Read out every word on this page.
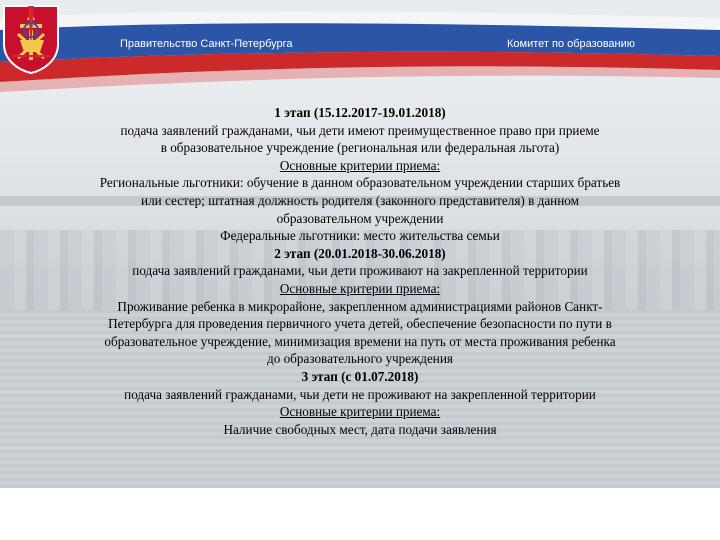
Правительство Санкт-Петербурга	Комитет по образованию

1 этап (15.12.2017-19.01.2018)

подача заявлений гражданами, чьи дети имеют преимущественное право при приеме

в образовательное учреждение (региональная или федеральная льгота)

Основные критерии приема:

Региональные льготники: обучение в данном образовательном учреждении старших братьев

или сестер; штатная должность родителя (законного представителя) в данном

образовательном учреждении

Федеральные льготники: место жительства семьи

2 этап (20.01.2018-30.06.2018)

подача заявлений гражданами, чьи дети проживают на закрепленной территории

Основные критерии приема:

Проживание ребенка в микрорайоне, закрепленном администрациями районов Санкт-

Петербурга для проведения первичного учета детей, обеспечение безопасности по пути в

образовательное учреждение, минимизация времени на путь от места проживания ребенка

до образовательного учреждения

3 этап (с 01.07.2018)

подача заявлений гражданами, чьи дети не проживают на закрепленной территории

Основные критерии приема:

Наличие свободных мест, дата подачи заявления
